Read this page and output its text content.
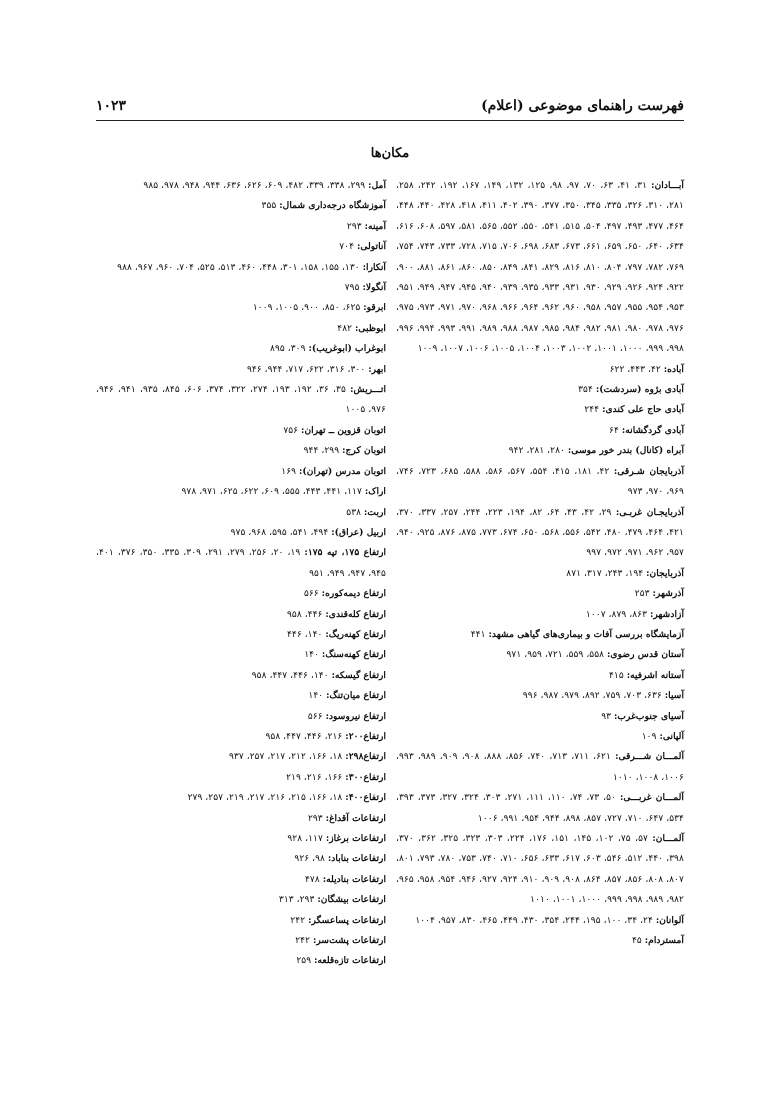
فهرست راهنمای موضوعی (اعلام)
۱۰۲۳
مکان‌ها

آبـــادان: ۳۱، ۴۱، ۶۳، ۷۰، ۹۷، ۹۸، ۱۲۵، ۱۳۲، ۱۴۹، ۱۶۷، ۱۹۲، ۲۴۲، ۲۵۸، ۲۸۱، ۳۱۰، ۳۲۶، ۳۳۵، ۳۴۵، ۳۵۰، ۳۷۷، ۳۹۰، ۴۰۲، ۴۱۱، ۴۱۸، ۴۲۸، ۴۴۰، ۴۴۸، ۴۶۴، ۴۷۷، ۴۹۳، ۴۹۷، ۵۰۴، ۵۱۵، ۵۴۱، ۵۵۰، ۵۵۲، ۵۶۵، ۵۸۱، ۵۹۷، ۶۰۸، ۶۱۶، ۶۳۴، ۶۴۰، ۶۵۰، ۶۵۹، ۶۶۱، ۶۷۳، ۶۸۳، ۶۹۸، ۷۰۶، ۷۱۵، ۷۲۸، ۷۳۳، ۷۴۳، ۷۵۴، ۷۶۹، ۷۸۲، ۷۹۷، ۸۰۴، ۸۱۰، ۸۱۶، ۸۲۹، ۸۴۱، ۸۴۹، ۸۵۰، ۸۶۰، ۸۶۱، ۸۸۱، ۹۰۰، ۹۲۲، ۹۲۴، ۹۲۶، ۹۲۹، ۹۳۰، ۹۳۱، ۹۳۳، ۹۳۵، ۹۳۹، ۹۴۰، ۹۴۵، ۹۴۷، ۹۴۹، ۹۵۱، ۹۵۳، ۹۵۴، ۹۵۵، ۹۵۷، ۹۵۸، ۹۶۰، ۹۶۲، ۹۶۴، ۹۶۶، ۹۶۸، ۹۷۰، ۹۷۱، ۹۷۳، ۹۷۵، ۹۷۶، ۹۷۸، ۹۸۰، ۹۸۱، ۹۸۲، ۹۸۴، ۹۸۵، ۹۸۷، ۹۸۸، ۹۸۹، ۹۹۱، ۹۹۳، ۹۹۴، ۹۹۶، ۹۹۸، ۹۹۹، ۱۰۰۰، ۱۰۰۱، ۱۰۰۲، ۱۰۰۳، ۱۰۰۴، ۱۰۰۵، ۱۰۰۶، ۱۰۰۷، ۱۰۰۹

آباده: ۴۲، ۴۴۳، ۶۲۲

آبادی بژوه (سردشت): ۳۵۴

آبادی حاج علی کندی: ۲۴۴

آبادی گردگشانه: ۶۴

آبراه (کانال) بندر خور موسی: ۲۸۰، ۲۸۱، ۹۴۲

آذربایجان شـرقی: ۴۲، ۱۸۱، ۴۱۵، ۵۵۴، ۵۶۷، ۵۸۶، ۵۸۸، ۶۸۵، ۷۲۳، ۷۴۶، ۹۶۹، ۹۷۰، ۹۷۳

آذربایجـان غربـی: ۲۹، ۴۲، ۴۳، ۶۴، ۸۲، ۱۹۴، ۲۲۳، ۲۴۴، ۲۵۷، ۳۳۷، ۳۷۰، ۴۲۱، ۴۶۴، ۴۷۹، ۴۸۰، ۵۴۲، ۵۵۶، ۵۶۸، ۶۵۰، ۶۷۴، ۷۷۳، ۸۷۵، ۸۷۶، ۹۲۵، ۹۴۰، ۹۵۷، ۹۶۲، ۹۷۱، ۹۷۲، ۹۹۷

آذربایجان: ۱۹۴، ۲۴۳، ۳۱۷، ۸۷۱

آذرشهر: ۲۵۳

آزادشهر: ۸۶۳، ۸۷۹، ۱۰۰۷

آزمایشگاه بررسی آفات و بیماری‌های گیاهی مشهد: ۴۴۱

آستان قدس رضوی: ۵۵۸، ۵۵۹، ۷۲۱، ۹۵۹، ۹۷۱

آستانه اشرفیه: ۴۱۵

آسیا: ۶۳۶، ۷۰۳، ۷۵۹، ۸۹۲، ۹۷۹، ۹۸۷، ۹۹۶

آسیای جنوب‌غرب: ۹۳

آلپانی: ۱۰۹

آلمـــان شـــرقی: ۶۲۱، ۷۱۱، ۷۱۳، ۷۴۰، ۸۵۶، ۸۸۸، ۹۰۸، ۹۰۹، ۹۸۹، ۹۹۳، ۱۰۰۶، ۱۰۰۸، ۱۰۱۰

آلمـــان غربـــی: ۵۰، ۷۳، ۷۴، ۱۱۰، ۱۱۱، ۲۷۱، ۳۰۳، ۳۲۴، ۳۲۷، ۳۷۳، ۳۹۳، ۵۳۴، ۶۴۷، ۷۱۰، ۷۲۷، ۸۵۷، ۸۹۸، ۹۴۴، ۹۵۴، ۹۹۱، ۱۰۰۶

آلمـــان: ۵۷، ۷۵، ۱۰۲، ۱۴۵، ۱۵۱، ۱۷۶، ۲۲۴، ۳۰۳، ۳۲۳، ۳۲۵، ۳۶۲، ۳۷۰، ۳۹۸، ۴۴۰، ۵۱۲، ۵۴۶، ۶۰۳، ۶۱۷، ۶۳۳، ۶۵۶، ۷۱۰، ۷۴۰، ۷۵۳، ۷۸۰، ۷۹۳، ۸۰۱، ۸۰۷، ۸۰۸، ۸۵۶، ۸۵۷، ۸۶۴، ۹۰۸، ۹۰۹، ۹۱۰، ۹۲۴، ۹۲۷، ۹۴۶، ۹۵۴، ۹۵۸، ۹۶۵، ۹۸۲، ۹۸۹، ۹۹۸، ۹۹۹، ۱۰۰۰، ۱۰۰۱، ۱۰۱۰

آلوانان: ۲۴، ۳۴، ۱۰۰، ۱۹۵، ۲۴۴، ۳۵۴، ۴۳۰، ۴۴۹، ۴۶۵، ۸۳۰، ۹۵۷، ۱۰۰۴

آمستردام: ۴۵

آمل: ۲۹۹، ۳۳۸، ۳۳۹، ۴۸۲، ۶۰۹، ۶۲۶، ۶۳۶، ۹۴۴، ۹۴۸، ۹۷۸، ۹۸۵

آموزشگاه درجه‌داری شمال: ۳۵۵

آمینه: ۲۹۳

آناتولی: ۷۰۴

آنکارا: ۱۳۰، ۱۵۵، ۱۵۸، ۳۰۱، ۴۴۸، ۴۶۰، ۵۱۳، ۵۲۵، ۷۰۴، ۹۶۰، ۹۶۷، ۹۸۸

آنگولا: ۷۹۵

ابرقو: ۶۲۵، ۸۵۰، ۹۰۰، ۱۰۰۵، ۱۰۰۹

ابوظبی: ۴۸۲

ابوغراب (ابوغریب): ۳۰۹، ۸۹۵

ابهر: ۳۰۰، ۳۱۶، ۶۲۲، ۷۱۷، ۹۴۴، ۹۴۶

اتـــریش: ۳۵، ۳۶، ۱۹۲، ۱۹۳، ۲۷۴، ۳۲۲، ۳۷۴، ۶۰۶، ۸۴۵، ۹۳۵، ۹۴۱، ۹۴۶، ۹۷۶، ۱۰۰۵

اتوبان قزوین ــ تهران: ۷۵۶

اتوبان کرج: ۲۹۹، ۹۴۴

اتوبان مدرس (تهران): ۱۶۹

اراک: ۱۱۷، ۴۴۱، ۴۴۳، ۵۵۵، ۶۰۹، ۶۲۲، ۶۲۵، ۹۷۱، ۹۷۸

اربت: ۵۳۸

اربیل (عراق): ۴۹۴، ۵۴۱، ۵۹۵، ۹۶۸، ۹۷۵

ارتفاع ۱۷۵، تپه ۱۷۵: ۱۹، ۲۰، ۲۵۶، ۲۷۹، ۲۹۱، ۳۰۹، ۳۳۵، ۳۵۰، ۳۷۶، ۴۰۱، ۹۴۵، ۹۴۷، ۹۴۹، ۹۵۱

ارتفاع دیمه‌کوره: ۵۶۶

ارتفاع کله‌قندی: ۴۴۶، ۹۵۸

ارتفاع کهنه‌ریگ: ۱۴۰، ۴۴۶

ارتفاع کهنه‌سنگ: ۱۴۰

ارتفاع گیسکه: ۱۴۰، ۴۴۶، ۴۴۷، ۹۵۸

ارتفاع میان‌تنگ: ۱۴۰

ارتفاع نیروسود: ۵۶۶

ارتفاع۲۰۰: ۲۱۶، ۴۴۶، ۴۴۷، ۹۵۸

ارتفاع۲۹۸: ۱۸، ۱۶۶، ۲۱۲، ۲۱۷، ۲۵۷، ۹۳۷

ارتفاع۳۰۰: ۱۶۶، ۲۱۶، ۲۱۹

ارتفاع۴۰۰: ۱۸، ۱۶۶، ۲۱۵، ۲۱۶، ۲۱۷، ۲۱۹، ۲۵۷، ۲۷۹

ارتفاعات آقداغ: ۲۹۳

ارتفاعات برغاز: ۱۱۷، ۹۲۸

ارتفاعات بناباد: ۹۸، ۹۲۶

ارتفاعات بنادیله: ۴۷۸

ارتفاعات بیشگان: ۲۹۳، ۳۱۳

ارتفاعات پساعسگر: ۲۴۲

ارتفاعات پشت‌سر: ۲۴۲

ارتفاعات تازه‌قلعه: ۲۵۹
